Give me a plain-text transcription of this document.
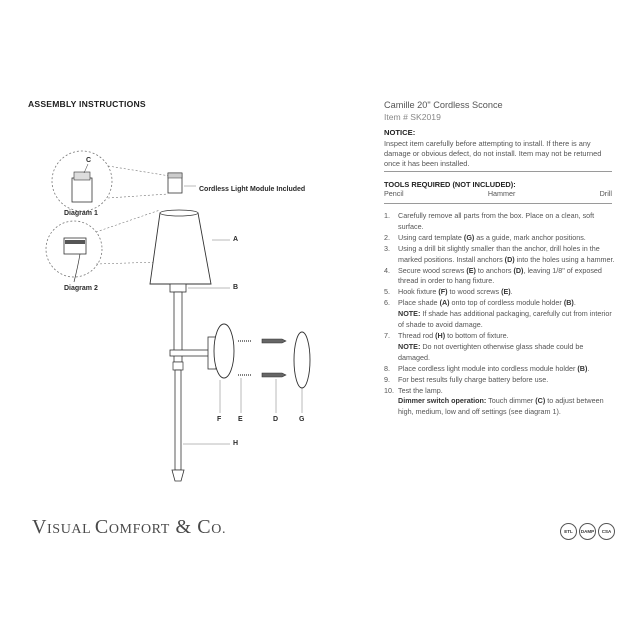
ASSEMBLY INSTRUCTIONS
C
Diagram 1
Cordless Light Module Included
A
B
Diagram 2
F E	D	G
H
Camille 20" Cordless Sconce
Item # SK2019
NOTICE:
Inspect item carefully before attempting to install. If there is any damage or obvious defect, do not install. Item may not be returned once it has been installed.
TOOLS REQUIRED (NOT INCLUDED):
Pencil	Hammer	Drill
1. Carefully remove all parts from the box. Place on a clean, soft surface.
2. Using card template (G) as a guide, mark anchor positions.
3. Using a drill bit slightly smaller than the anchor, drill holes in the marked positions. Install anchors (D) into the holes using a hammer.
4. Secure wood screws (E) to anchors (D), leaving 1/8" of exposed thread in order to hang fixture.
5. Hook fixture (F) to wood screws (E).
6. Place shade (A) onto top of cordless module holder (B).
NOTE: If shade has additional packaging, carefully cut from interior of shade to avoid damage.
7. Thread rod (H) to bottom of fixture.
NOTE: Do not overtighten otherwise glass shade could be damaged.
8. Place cordless light module into cordless module holder (B).
9. For best results fully charge battery before use.
10. Test the lamp.
Dimmer switch operation: Touch dimmer (C) to adjust between high, medium, low and off settings (see diagram 1).
VISUAL COMFORT & CO.	ETL	DAMP	CSA
